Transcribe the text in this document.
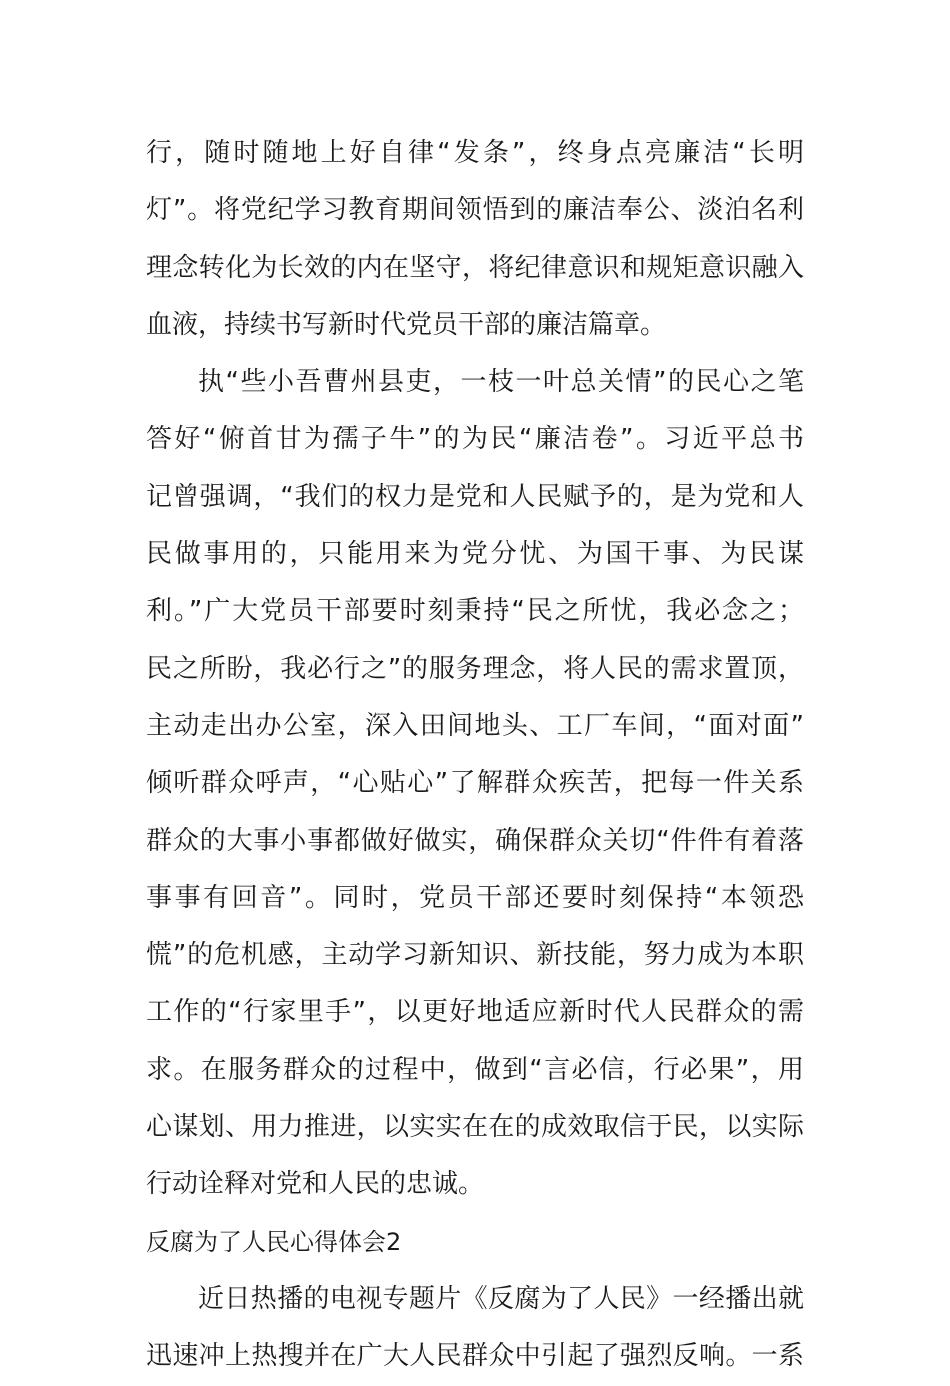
行，随时随地上好自律“发条”，终身点亮廉洁“长明
灯”。将党纪学习教育期间领悟到的廉洁奉公、淡泊名利
理念转化为长效的内在坚守，将纪律意识和规矩意识融入
血液，持续书写新时代党员干部的廉洁篇章。
执“些小吾曹州县吏，一枝一叶总关情”的民心之笔
答好“俯首甘为孺子牛”的为民“廉洁卷”。习近平总书
记曾强调，“我们的权力是党和人民赋予的，是为党和人
民做事用的，只能用来为党分忧、为国干事、为民谋
利。”广大党员干部要时刻秉持“民之所忧，我必念之；
民之所盼，我必行之”的服务理念，将人民的需求置顶，
主动走出办公室，深入田间地头、工厂车间，“面对面”
倾听群众呼声，“心贴心”了解群众疾苦，把每一件关系
群众的大事小事都做好做实，确保群众关切“件件有着落
事事有回音”。同时，党员干部还要时刻保持“本领恐
慌”的危机感，主动学习新知识、新技能，努力成为本职
工作的“行家里手”，以更好地适应新时代人民群众的需
求。在服务群众的过程中，做到“言必信，行必果”，用
心谋划、用力推进，以实实在在的成效取信于民，以实际
行动诠释对党和人民的忠诚。
反腐为了人民心得体会2
近日热播的电视专题片《反腐为了人民》一经播出就
迅速冲上热搜并在广大人民群众中引起了强烈反响。一系
